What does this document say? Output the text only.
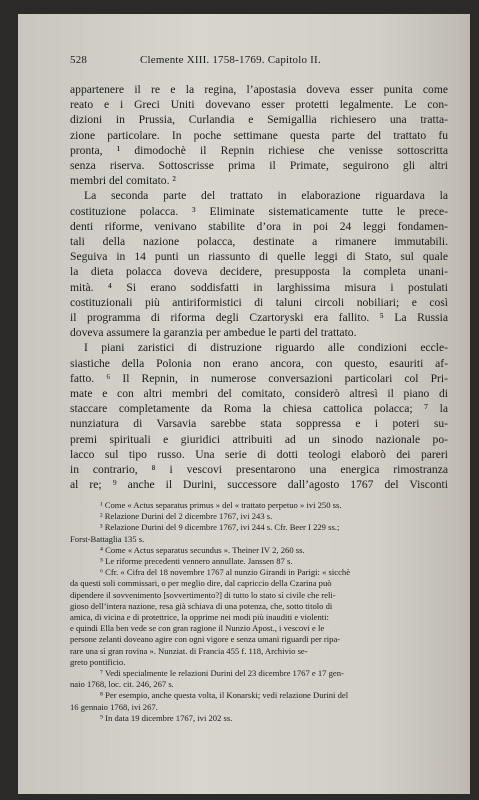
528	Clemente XIII. 1758-1769. Capitolo II.
appartenere il re e la regina, l’apostasia doveva esser punita come
reato e i Greci Uniti dovevano esser protetti legalmente. Le con-
dizioni in Prussia, Curlandia e Semigallia richiesero una tratta-
zione particolare. In poche settimane questa parte del trattato fu
pronta, ¹ dimodochè il Repnin richiese che venisse sottoscritta
senza riserva. Sottoscrisse prima il Primate, seguirono gli altri
membri del comitato. ²
La seconda parte del trattato in elaborazione riguardava la
costituzione polacca. ³ Eliminate sistematicamente tutte le prece-
denti riforme, venivano stabilite d’ora in poi 24 leggi fondamen-
tali della nazione polacca, destinate a rimanere immutabili.
Seguiva in 14 punti un riassunto di quelle leggi di Stato, sul quale
la dieta polacca doveva decidere, presupposta la completa unani-
mità. ⁴ Si erano soddisfatti in larghissima misura i postulati
costituzionali più antiriformistici di taluni circoli nobiliari; e così
il programma di riforma degli Czartoryski era fallito. ⁵ La Russia
doveva assumere la garanzia per ambedue le parti del trattato.
I piani zaristici di distruzione riguardo alle condizioni eccle-
siastiche della Polonia non erano ancora, con questo, esauriti af-
fatto. ⁶ Il Repnin, in numerose conversazioni particolari col Pri-
mate e con altri membri del comitato, considerò altresì il piano di
staccare completamente da Roma la chiesa cattolica polacca; ⁷ la
nunziatura di Varsavia sarebbe stata soppressa e i poteri su-
premi spirituali e giuridici attribuiti ad un sinodo nazionale po-
lacco sul tipo russo. Una serie di dotti teologi elaborò dei pareri
in contrario, ⁸ i vescovi presentarono una energica rimostranza
al re; ⁹ anche il Durini, successore dall’agosto 1767 del Visconti
¹ Come « Actus separatus primus » del « trattato perpetuo » ivi 250 ss.
² Relazione Durini del 2 dicembre 1767, ivi 243 s.
³ Relazione Durini del 9 dicembre 1767, ivi 244 s. Cfr. Beer I 229 ss.;
Forst-Battaglia 135 s.
⁴ Come « Actus separatus secundus ». Theiner IV 2, 260 ss.
⁵ Le riforme precedenti vennero annullate. Janssen 87 s.
⁶ Cfr. « Cifra del 18 novembre 1767 al nunzio Girandi in Parigi: « sicchè
da questi soli commissari, o per meglio dire, dal capriccio della Czarina può
dipendere il sovvenimento [sovvertimento?] di tutto lo stato sì civile che reli-
gioso dell’intera nazione, resa già schiava di una potenza, che, sotto titolo di
amica, di vicina e di protettrice, la opprime nei modi più inauditi e violenti:
e quindi Ella ben vede se con gran ragione il Nunzio Apost., i vescovi e le
persone zelanti doveano agire con ogni vigore e senza umani riguardi per ripa-
rare una sì gran rovina ». Nunziat. di Francia 455 f. 118, Archivio se-
greto pontificio.
⁷ Vedi specialmente le relazioni Durini del 23 dicembre 1767 e 17 gen-
naio 1768, loc. cit. 246, 267 s.
⁸ Per esempio, anche questa volta, il Konarski; vedi relazione Durini del
16 gennaio 1768, ivi 267.
⁹ In data 19 dicembre 1767, ivi 202 ss.
